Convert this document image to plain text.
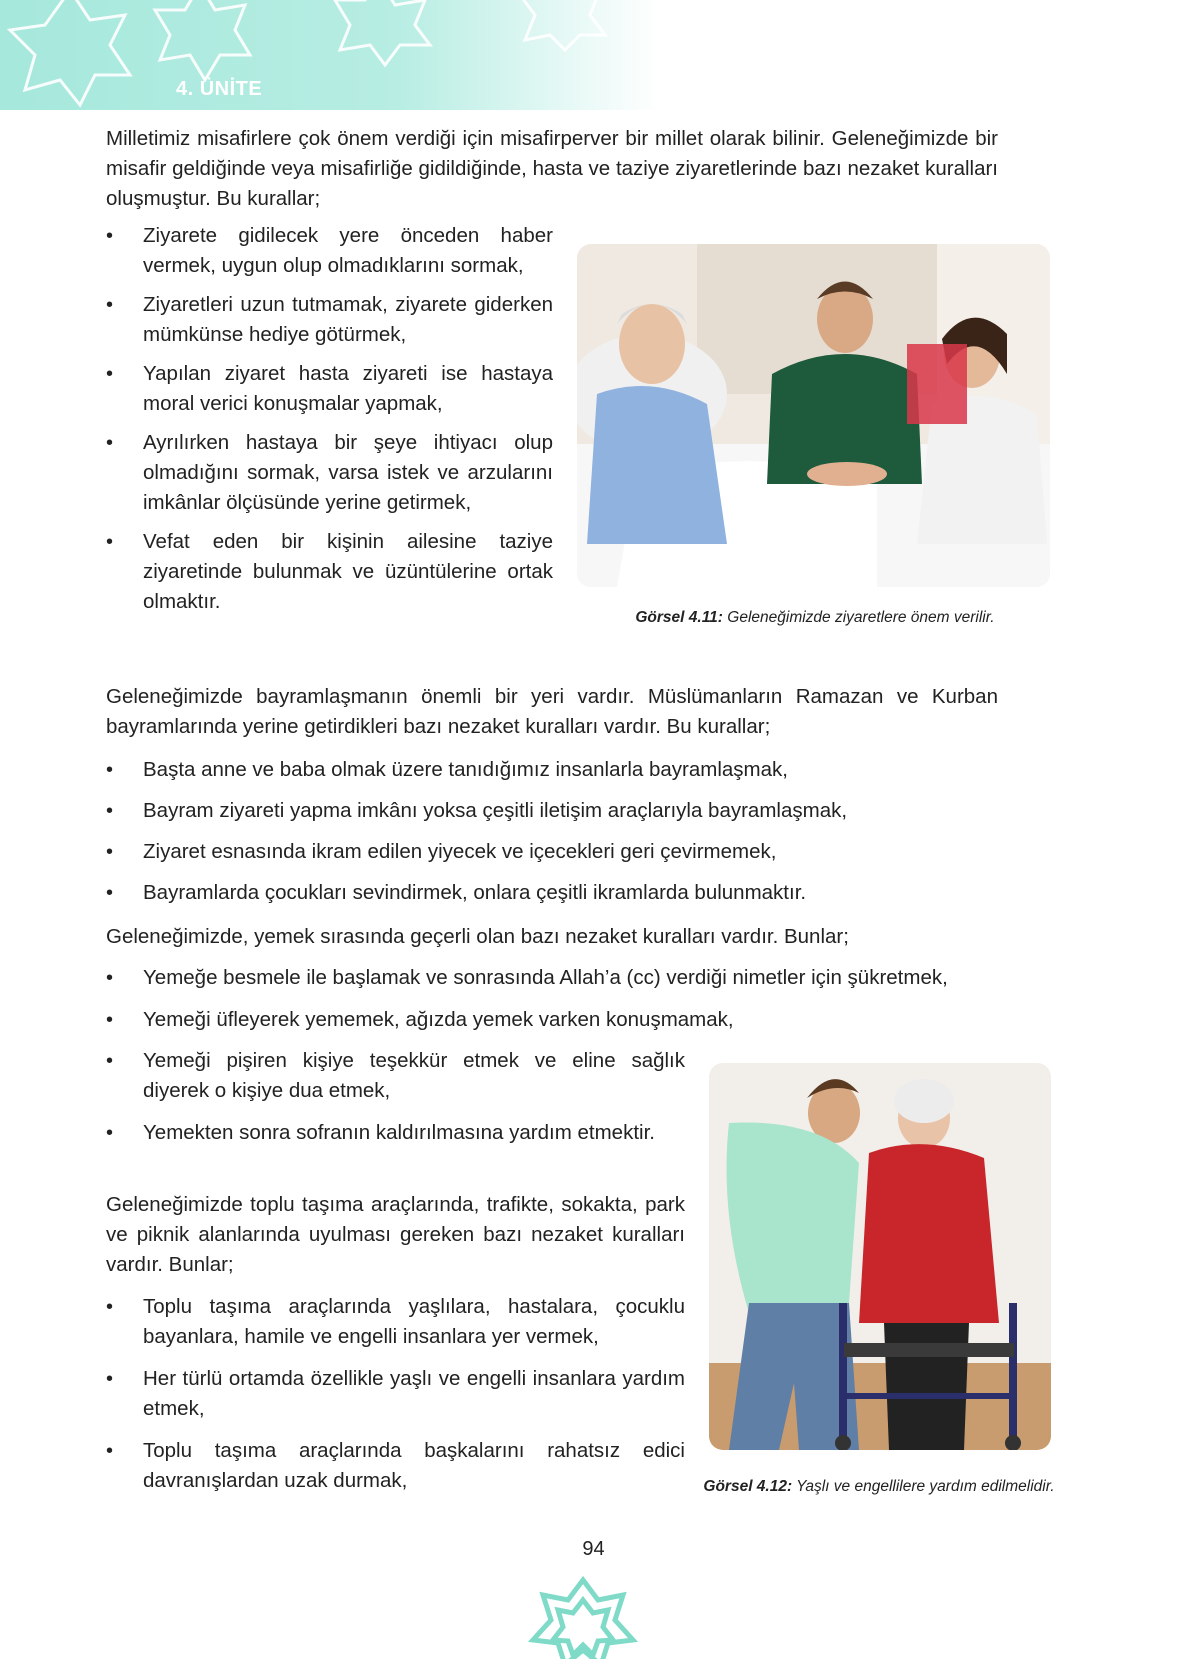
4. ÜNİTE

Milletimiz misafirlere çok önem verdiği için misafirperver bir millet olarak bilinir. Geleneğimizde bir misafir geldiğinde veya misafirliğe gidildiğinde, hasta ve taziye ziyaretlerinde bazı nezaket kuralları oluşmuştur. Bu kurallar;

• Ziyarete gidilecek yere önceden haber vermek, uygun olup olmadıklarını sormak,
• Ziyaretleri uzun tutmamak, ziyarete giderken mümkünse hediye götürmek,
• Yapılan ziyaret hasta ziyareti ise hastaya moral verici konuşmalar yapmak,
• Ayrılırken hastaya bir şeye ihtiyacı olup olmadığını sormak, varsa istek ve arzularını imkânlar ölçüsünde yerine getirmek,
• Vefat eden bir kişinin ailesine taziye ziyaretinde bulunmak ve üzüntülerine ortak olmaktır.
Görsel 4.11: Geleneğimizde ziyaretlere önem verilir.

Geleneğimizde bayramlaşmanın önemli bir yeri vardır. Müslümanların Ramazan ve Kurban bayramlarında yerine getirdikleri bazı nezaket kuralları vardır. Bu kurallar;

• Başta anne ve baba olmak üzere tanıdığımız insanlarla bayramlaşmak,
• Bayram ziyareti yapma imkânı yoksa çeşitli iletişim araçlarıyla bayramlaşmak,
• Ziyaret esnasında ikram edilen yiyecek ve içecekleri geri çevirmemek,
• Bayramlarda çocukları sevindirmek, onlara çeşitli ikramlarda bulunmaktır.

Geleneğimizde, yemek sırasında geçerli olan bazı nezaket kuralları vardır. Bunlar;

• Yemeğe besmele ile başlamak ve sonrasında Allah’a (cc) verdiği nimetler için şükretmek,
• Yemeği üfleyerek yememek, ağızda yemek varken konuşmamak,
• Yemeği pişiren kişiye teşekkür etmek ve eline sağlık diyerek o kişiye dua etmek,
• Yemekten sonra sofranın kaldırılmasına yardım etmektir.

Geleneğimizde toplu taşıma araçlarında, trafikte, sokakta, park ve piknik alanlarında uyulması gereken bazı nezaket kuralları vardır. Bunlar;

• Toplu taşıma araçlarında yaşlılara, hastalara, çocuklu bayanlara, hamile ve engelli insanlara yer vermek,
• Her türlü ortamda özellikle yaşlı ve engelli insanlara yardım etmek,
• Toplu taşıma araçlarında başkalarını rahatsız edici davranışlardan uzak durmak,	Görsel 4.12: Yaşlı ve engellilere yardım edilmelidir.
94
